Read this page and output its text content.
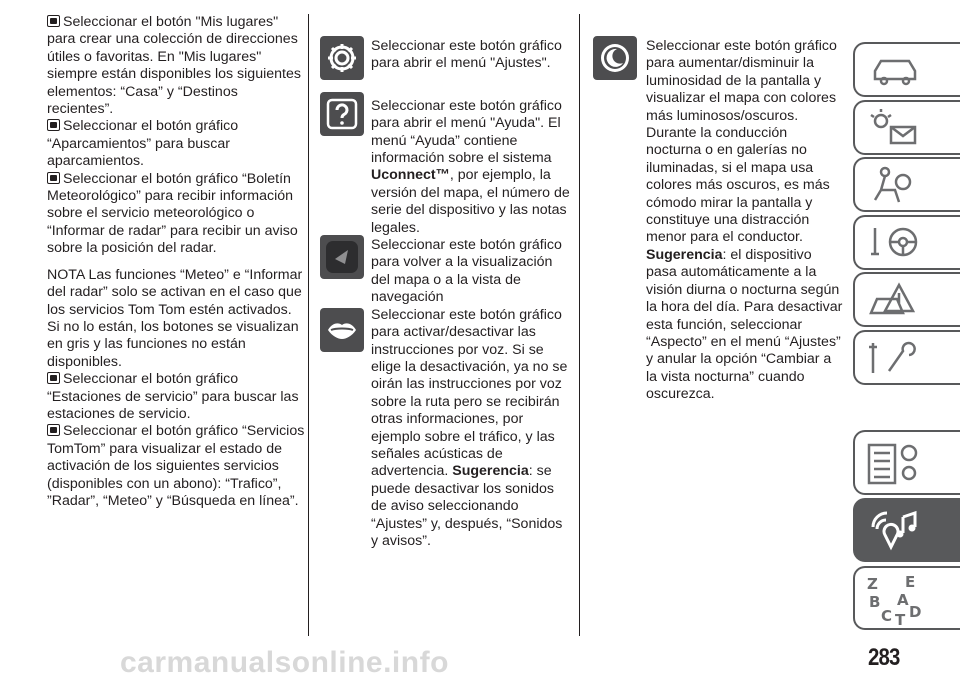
Seleccionar el botón "Mis lugares" para crear una colección de direcciones útiles o favoritas. En "Mis lugares" siempre están disponibles los siguientes elementos: “Casa” y “Destinos recientes”.

Seleccionar el botón gráfico “Aparcamientos” para buscar aparcamientos.

Seleccionar el botón gráfico “Boletín Meteorológico” para recibir información sobre el servicio meteorológico o “Informar de radar” para recibir un aviso sobre la posición del radar.

NOTA Las funciones “Meteo” e “Informar del radar” solo se activan en el caso que los servicios Tom Tom estén activados. Si no lo están, los botones se visualizan en gris y las funciones no están disponibles.

Seleccionar el botón gráfico “Estaciones de servicio” para buscar las estaciones de servicio.

Seleccionar el botón gráfico “Servicios TomTom” para visualizar el estado de activación de los siguientes servicios (disponibles con un abono): “Trafico”, ”Radar”, “Meteo” y “Búsqueda en línea”.

Seleccionar este botón gráfico para abrir el menú "Ajustes".

Seleccionar este botón gráfico para abrir el menú "Ayuda". El menú “Ayuda” contiene información sobre el sistema Uconnect™, por ejemplo, la versión del mapa, el número de serie del dispositivo y las notas legales.

Seleccionar este botón gráfico para volver a la visualización del mapa o a la vista de navegación

Seleccionar este botón gráfico para activar/desactivar las instrucciones por voz. Si se elige la desactivación, ya no se oirán las instrucciones por voz sobre la ruta pero se recibirán otras informaciones, por ejemplo sobre el tráfico, y las señales acústicas de advertencia. Sugerencia: se puede desactivar los sonidos de aviso seleccionando “Ajustes” y, después, “Sonidos y avisos”.

Seleccionar este botón gráfico para aumentar/disminuir la luminosidad de la pantalla y visualizar el mapa con colores más luminosos/oscuros. Durante la conducción nocturna o en galerías no iluminadas, si el mapa usa colores más oscuros, es más cómodo mirar la pantalla y constituye una distracción menor para el conductor.

Sugerencia: el dispositivo pasa automáticamente a la visión diurna o nocturna según la hora del día. Para desactivar esta función, seleccionar “Aspecto” en el menú “Ajustes” y anular la opción “Cambiar a la vista nocturna” cuando oscurezca.

Z E
B A
D
C T
carmanualsonline.info	283
